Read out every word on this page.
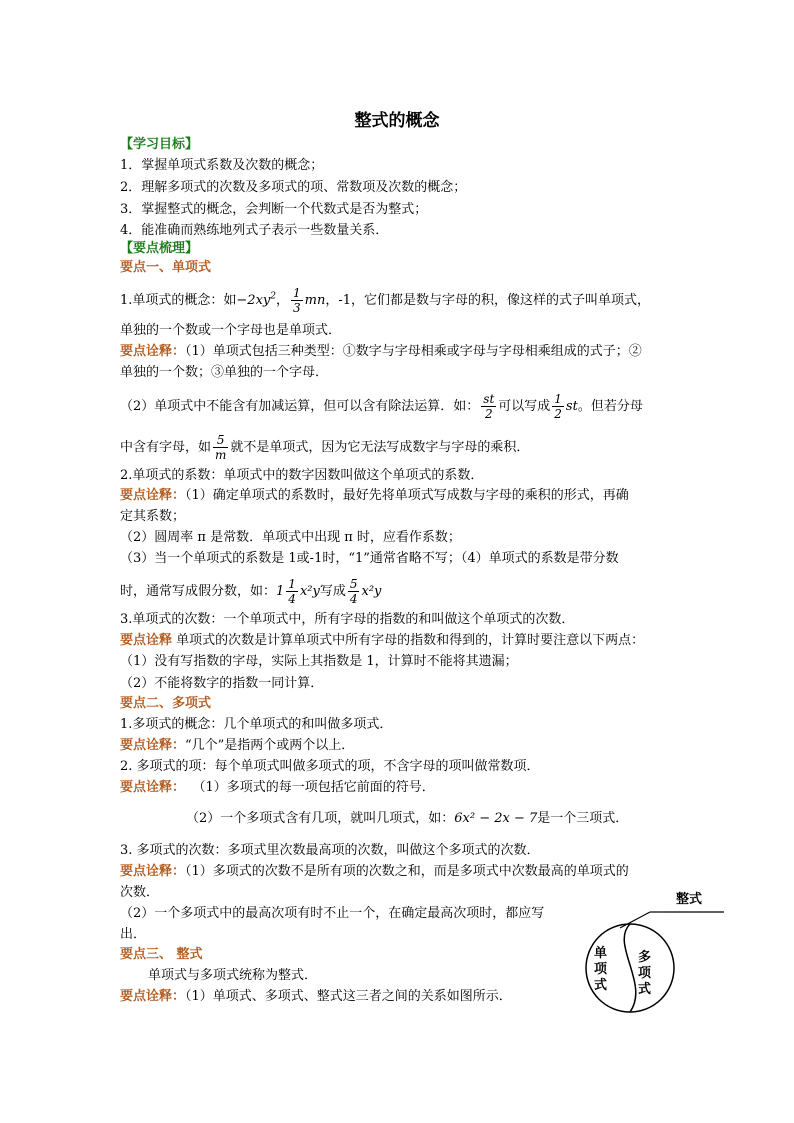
整式的概念
【学习目标】
1．掌握单项式系数及次数的概念；
2．理解多项式的次数及多项式的项、常数项及次数的概念；
3．掌握整式的概念，会判断一个代数式是否为整式；
4．能准确而熟练地列式子表示一些数量关系．
【要点梳理】
要点一、单项式
1.单项式的概念：如$-2xy^2$， $\frac{1}{3}$ mn，-1，它们都是数与字母的积，像这样的式子叫单项式，
单独的一个数或一个字母也是单项式．
要点诠释：（1）单项式包括三种类型：①数字与字母相乘或字母与字母相乘组成的式子；②
单独的一个数；③单独的一个字母．
（2）单项式中不能含有加减运算，但可以含有除法运算．如： $\frac{st}{2}$ 可以写成 $\frac{1}{2}$ st。但若分母
中含有字母，如 $\frac{5}{m}$ 就不是单项式，因为它无法写成数字与字母的乘积．
2.单项式的系数：单项式中的数字因数叫做这个单项式的系数．
要点诠释：（1）确定单项式的系数时，最好先将单项式写成数与字母的乘积的形式，再确
定其系数；
（2）圆周率 π 是常数．单项式中出现 π 时，应看作系数；
（3）当一个单项式的系数是 1或-1时，“1”通常省略不写；（4）单项式的系数是带分数
时，通常写成假分数，如：$1 \frac{1}{4} x^2y$写成 $\frac{5}{4} x^2y$
3.单项式的次数：一个单项式中，所有字母的指数的和叫做这个单项式的次数．
要点诠释 单项式的次数是计算单项式中所有字母的指数和得到的，计算时要注意以下两点：
（1）没有写指数的字母，实际上其指数是 1，计算时不能将其遗漏；
（2）不能将数字的指数一同计算．
要点二、多项式
1.多项式的概念：几个单项式的和叫做多项式．
要点诠释：“几个”是指两个或两个以上．
2. 多项式的项：每个单项式叫做多项式的项，不含字母的项叫做常数项．
要点诠释： （1）多项式的每一项包括它前面的符号．
（2）一个多项式含有几项，就叫几项式，如：6x² − 2x − 7是一个三项式．
3. 多项式的次数：多项式里次数最高项的次数，叫做这个多项式的次数．
要点诠释：（1）多项式的次数不是所有项的次数之和，而是多项式中次数最高的单项式的
次数．
（2）一个多项式中的最高次项有时不止一个，在确定最高次项时，都应写
出．
要点三、 整式
单项式与多项式统称为整式．
要点诠释：（1）单项式、多项式、整式这三者之间的关系如图所示．
整式
单
项
式
多
项
式
